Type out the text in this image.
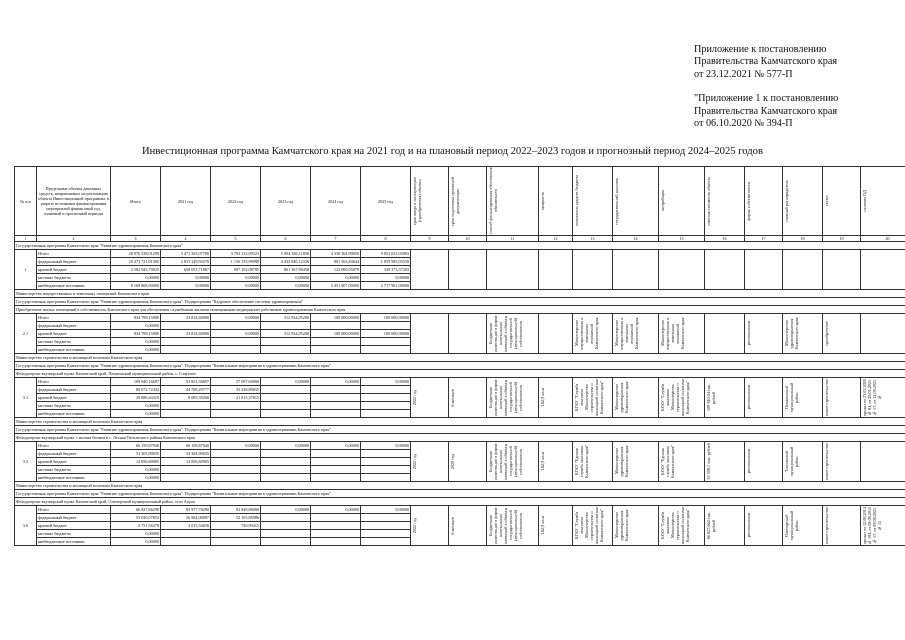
Приложение к постановлению

Правительства Камчатского края

от 23.12.2021 № 577-П

"Приложение 1 к постановлению

Правительства Камчатского края

от 06.10.2020 № 394-П

Инвестиционная программа Камчатского края на 2021 год и на плановый период 2022–2023 годов и прогнозный период 2024–2025 годов
№ п/п	Предельные объемы денежных средств, направляемых на реализацию объекта Инвестиционной программы, в разрезе источников финансирования мероприятий финансовый год, плановый и прогнозный периоды	Итого	2021 год	2022 год	2023 год	2024 год	2025 год	срок ввода в эксплуатацию (приобретения) объекта	срок подготовки проектной документации	способ финансирования обеспечения обязательств	мощность	получатель средств бюджета	государственный заказчик	застройщик	сметная стоимость объекта	форма собственности	главный распорядитель	статус	наличие ПД

1	2	3	4	5	6	7	8	9	10	11	12	13	14	15	16	17	18	19	20
Государственная программа Камчатского края "Развитие здравоохранения Камчатского края"																			
1	Итого	28 976 538,01290	3 471 303,07780	3 703 312,09323	5 904 384,11838	4 338 364,99050	9 852 023,05893												
	федеральный бюджет	20 473 721,01395	2 813 249,94370	1 156 135,99998	4 432 846,12336	991 563,84644	1 059 985,05530												
	краевой бюджет	2 582 943,70025	658 053,71867	997 102,08785	861 367,99458	123 000,05079	329 373,37283												
	местные бюджеты	0,00000	0,00000	0,00000	0,00000	0,00000	0,00000												
	внебюджетные источники	8 169 868,00000	0,00000	0,00000	0,00000	3 451 907,00000	2 717 961,00000												
Министерство имущественных и земельных отношений Камчатского края																			
Государственная программа Камчатского края "Развитие здравоохранения Камчатского края". Подпрограмма "Кадровое обеспечение системы здравоохранения"																			
Приобретение жилых помещений в собственность Камчатского края для обеспечения служебными жилыми помещениями медицинских работников здравоохранения Камчатского края																			
2.1	Итого	934 799,15000	23 814,60000	0,00000	312 934,05200	100 000,00000	100 000,00000			Бюджетные инвестиции в форме капитальных вложений в объекты государственной (муниципальной) собственности		Министерство имущественных и земельных отношений Камчатского края	Министерство имущественных и земельных отношений Камчатского края	Министерство имущественных и земельных отношений Камчатского края		региональная	Министерство здравоохранения Камчатского края	приобретение	

	федеральный бюджет	0,00000																	
	краевой бюджет	934 799,15000	23 814,60000	0,00000	312 934,05200	100 000,00000	100 000,00000												
	местные бюджеты	0,00000																	
	внебюджетные источники	0,00000																	
Министерство строительства и жилищной политики Камчатского края																			
Государственная программа Камчатского края "Развитие здравоохранения Камчатского края". Подпрограмма "Капитальные мероприятия в здравоохранении Камчатского края"																			
Фельдшерско-акушерский пункт Камчатский край, Пенжинский муниципальный район, с. Слаутное																			
3.1	Итого	109 940,16697	52 851,36697	57 097,60000	0,00000	0,00000	0,00000	2022 год	6 месяцев	Бюджетные инвестиции в форме капитальных вложений в объекты государственной (муниципальной) собственности	182,9 кв.м	КГКУ "Служба заказчика Министерства строительства и жилищной политики Камчатского края"	Министерство здравоохранения Камчатского края	КГКУ "Служба заказчика Министерства строительства и жилищной политики Камчатского края"	109 940,04 тыс. рублей	региональная	Пенжинский муниципальный район	новое строительство	приказ от 23.03.2020 № 81, от 28.01.2021 № 17, от 14.09.2021 №

	федеральный бюджет	80 072,72432	44 768,29777	35 236,89655															
	краевой бюджет	29 886,44315	8 083,39260	21 815,37815															
	местные бюджеты	0,00000																	
	внебюджетные источники	0,00000																	
Министерство строительства и жилищной политики Камчатского края																			
Государственная программа Камчатского края "Развитие здравоохранения Камчатского края". Подпрограмма "Капитальные мероприятия в здравоохранении Камчатского края"																			
Фельдшерско-акушерский пункт с жилым блоком в с. Лесная Тигильского района Камчатского края																			
3.5	Итого	66 159,87940	66 159,87940	0,00000	0,00000	0,00000	0,00000	2022 год	2020 год	Бюджетные инвестиции в форме капитальных вложений в объекты государственной (муниципальной) собственности	182,9 кв.м	КГКУ "Единая служба заказчика Камчатского края"	Министерство здравоохранения Камчатского края	КГКУ "Единая служба заказчика Камчатского края"	55 308,1 тыс. рублей	региональная	Тигильский муниципальный район	новое строительство	

	федеральный бюджет	53 303,99035	53 304,99035																
	краевой бюджет	12 856,60905	12 856,60905																
	местные бюджеты	0,00000																	
	внебюджетные источники	0,00000																	
Министерство строительства и жилищной политики Камчатского края																			
Государственная программа Камчатского края "Развитие здравоохранения Камчатского края". Подпрограмма "Капитальные мероприятия в здравоохранении Камчатского края"																			
Фельдшерско-акушерский пункт Камчатский край, Олюторский муниципальный район, село Апука																			
3.6	Итого	66 827,66290	95 977,78290	92 849,86000	0,00000	0,00000	0,00000	2022 год	6 месяцев	Бюджетные инвестиции в форме капитальных вложений в объекты государственной (муниципальной) собственности	182,9 кв.м	КГКУ "Служба заказчика Министерства строительства и жилищной политики Камчатского края"	Министерство здравоохранения Камчатского края	КГКУ "Служба заказчика Министерства строительства и жилищной политики Камчатского края"	66 827,662 тыс. рублей	региональная	Олюторский муниципальный район	новое строительство	приказ от 12.08.2014 № 194, от 09.09.2015 № 17, от 09.08.2021 № 15

	федеральный бюджет	53 020,07852	56 964,00097	52 105,85986															
	краевой бюджет	3 751,56378	3 013,34658	730,99415															
	местные бюджеты	0,00000																	
	внебюджетные источники	0,00000																	
